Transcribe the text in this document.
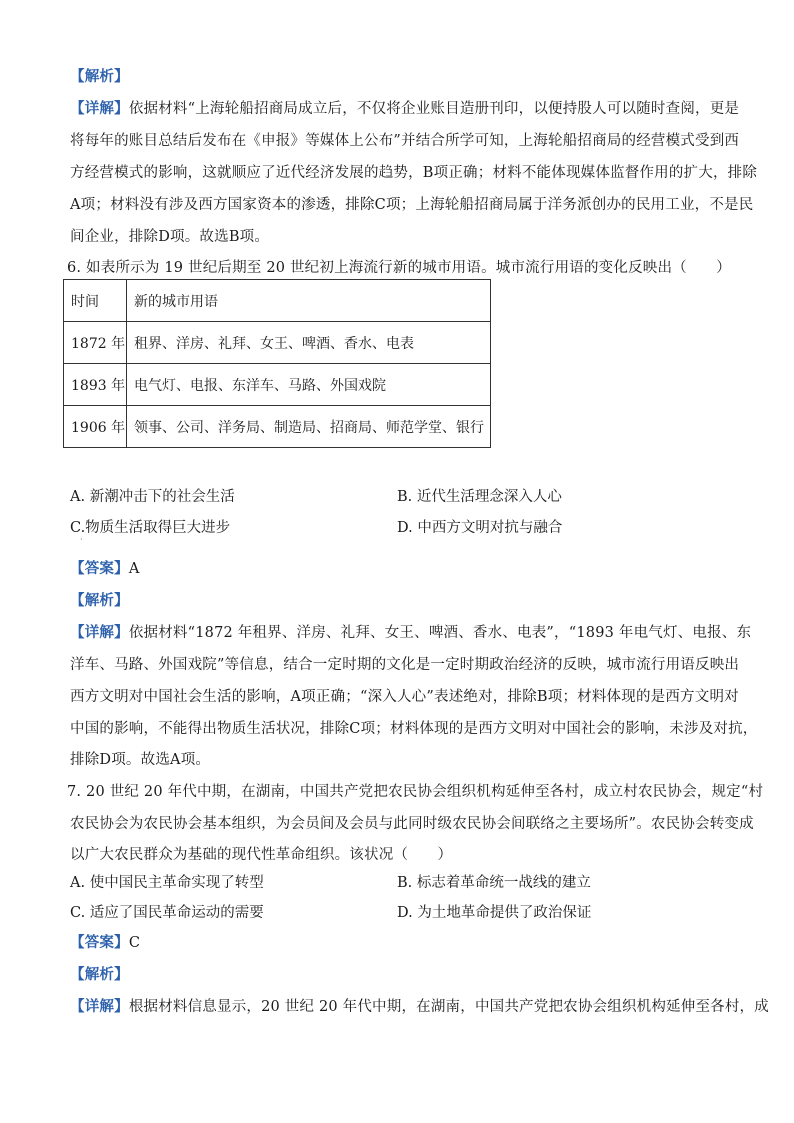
【解析】
【详解】依据材料“上海轮船招商局成立后，不仅将企业账目造册刊印，以便持股人可以随时查阅，更是
将每年的账目总结后发布在《申报》等媒体上公布”并结合所学可知，上海轮船招商局的经营模式受到西
方经营模式的影响，这就顺应了近代经济发展的趋势，B项正确；材料不能体现媒体监督作用的扩大，排除
A项；材料没有涉及西方国家资本的渗透，排除C项；上海轮船招商局属于洋务派创办的民用工业，不是民
间企业，排除D项。故选B项。
6. 如表所示为 19 世纪后期至 20 世纪初上海流行新的城市用语。城市流行用语的变化反映出（　　）
时间	新的城市用语
1872 年	租界、洋房、礼拜、女王、啤酒、香水、电表
1893 年	电气灯、电报、东洋车、马路、外国戏院
1906 年	领事、公司、洋务局、制造局、招商局、师范学堂、银行
A. 新潮冲击下的社会生活	B. 近代生活理念深入人心
C.物质生活取得巨大进步	D. 中西方文明对抗与融合
·
【答案】A
【解析】
【详解】依据材料“1872 年租界、洋房、礼拜、女王、啤酒、香水、电表”，“1893 年电气灯、电报、东
洋车、马路、外国戏院”等信息，结合一定时期的文化是一定时期政治经济的反映，城市流行用语反映出
西方文明对中国社会生活的影响，A项正确；“深入人心”表述绝对，排除B项；材料体现的是西方文明对
中国的影响，不能得出物质生活状况，排除C项；材料体现的是西方文明对中国社会的影响，未涉及对抗，
排除D项。故选A项。
7. 20 世纪 20 年代中期，在湖南，中国共产党把农民协会组织机构延伸至各村，成立村农民协会，规定“村
农民协会为农民协会基本组织，为会员间及会员与此同时级农民协会间联络之主要场所”。农民协会转变成
以广大农民群众为基础的现代性革命组织。该状况（　　）
A. 使中国民主革命实现了转型	B. 标志着革命统一战线的建立
C. 适应了国民革命运动的需要	D. 为土地革命提供了政治保证
【答案】C
【解析】
【详解】根据材料信息显示，20 世纪 20 年代中期，在湖南，中国共产党把农协会组织机构延伸至各村，成
